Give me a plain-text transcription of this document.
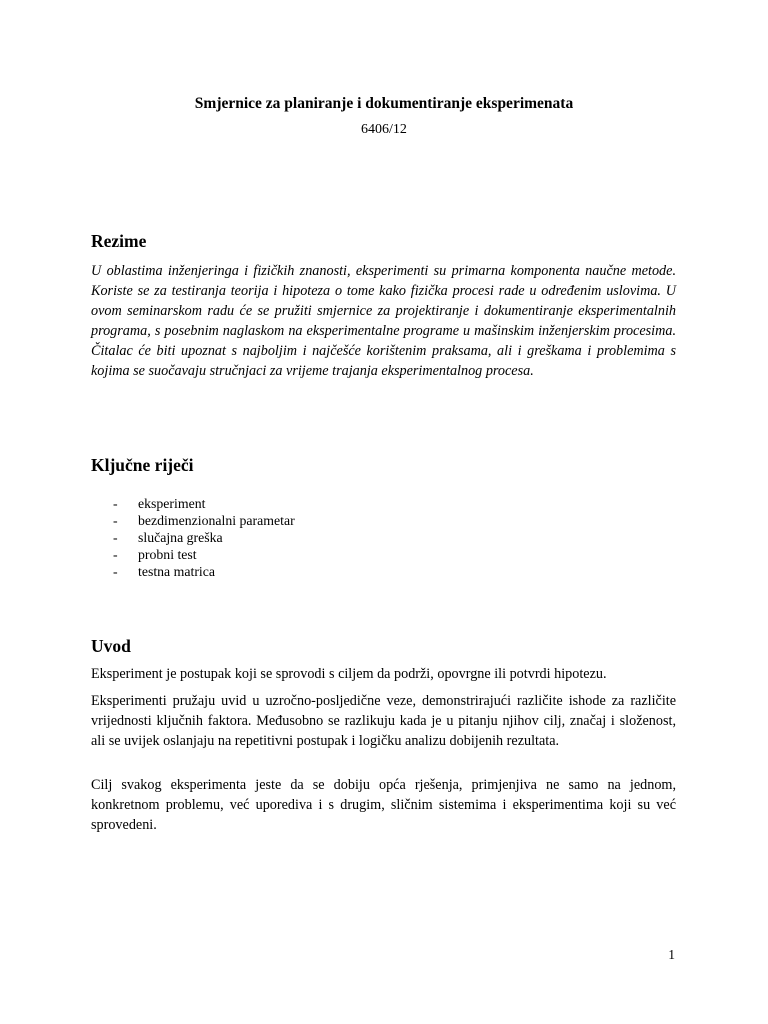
Smjernice za planiranje i dokumentiranje eksperimenata
6406/12
Rezime

U oblastima inženjeringa i fizičkih znanosti, eksperimenti su primarna komponenta naučne metode. Koriste se za testiranja teorija i hipoteza o tome kako fizička procesi rade u određenim uslovima. U ovom seminarskom radu će se pružiti smjernice za projektiranje i dokumentiranje eksperimentalnih programa, s posebnim naglaskom na eksperimentalne programe u mašinskim inženjerskim procesima. Čitalac će biti upoznat s najboljim i najčešće korištenim praksama, ali i greškama i problemima s kojima se suočavaju stručnjaci za vrijeme trajanja eksperimentalnog procesa.

Ključne riječi
- eksperiment
- bezdimenzionalni parametar
- slučajna greška
- probni test
- testna matrica
Uvod

Eksperiment je postupak koji se sprovodi s ciljem da podrži, opovrgne ili potvrdi hipotezu.

Eksperimenti pružaju uvid u uzročno-posljedične veze, demonstrirajući različite ishode za različite vrijednosti ključnih faktora. Međusobno se razlikuju kada je u pitanju njihov cilj, značaj i složenost, ali se uvijek oslanjaju na repetitivni postupak i logičku analizu dobijenih rezultata.

Cilj svakog eksperimenta jeste da se dobiju opća rješenja, primjenjiva ne samo na jednom, konkretnom problemu, već uporediva i s drugim, sličnim sistemima i eksperimentima koji su već sprovedeni.

1
